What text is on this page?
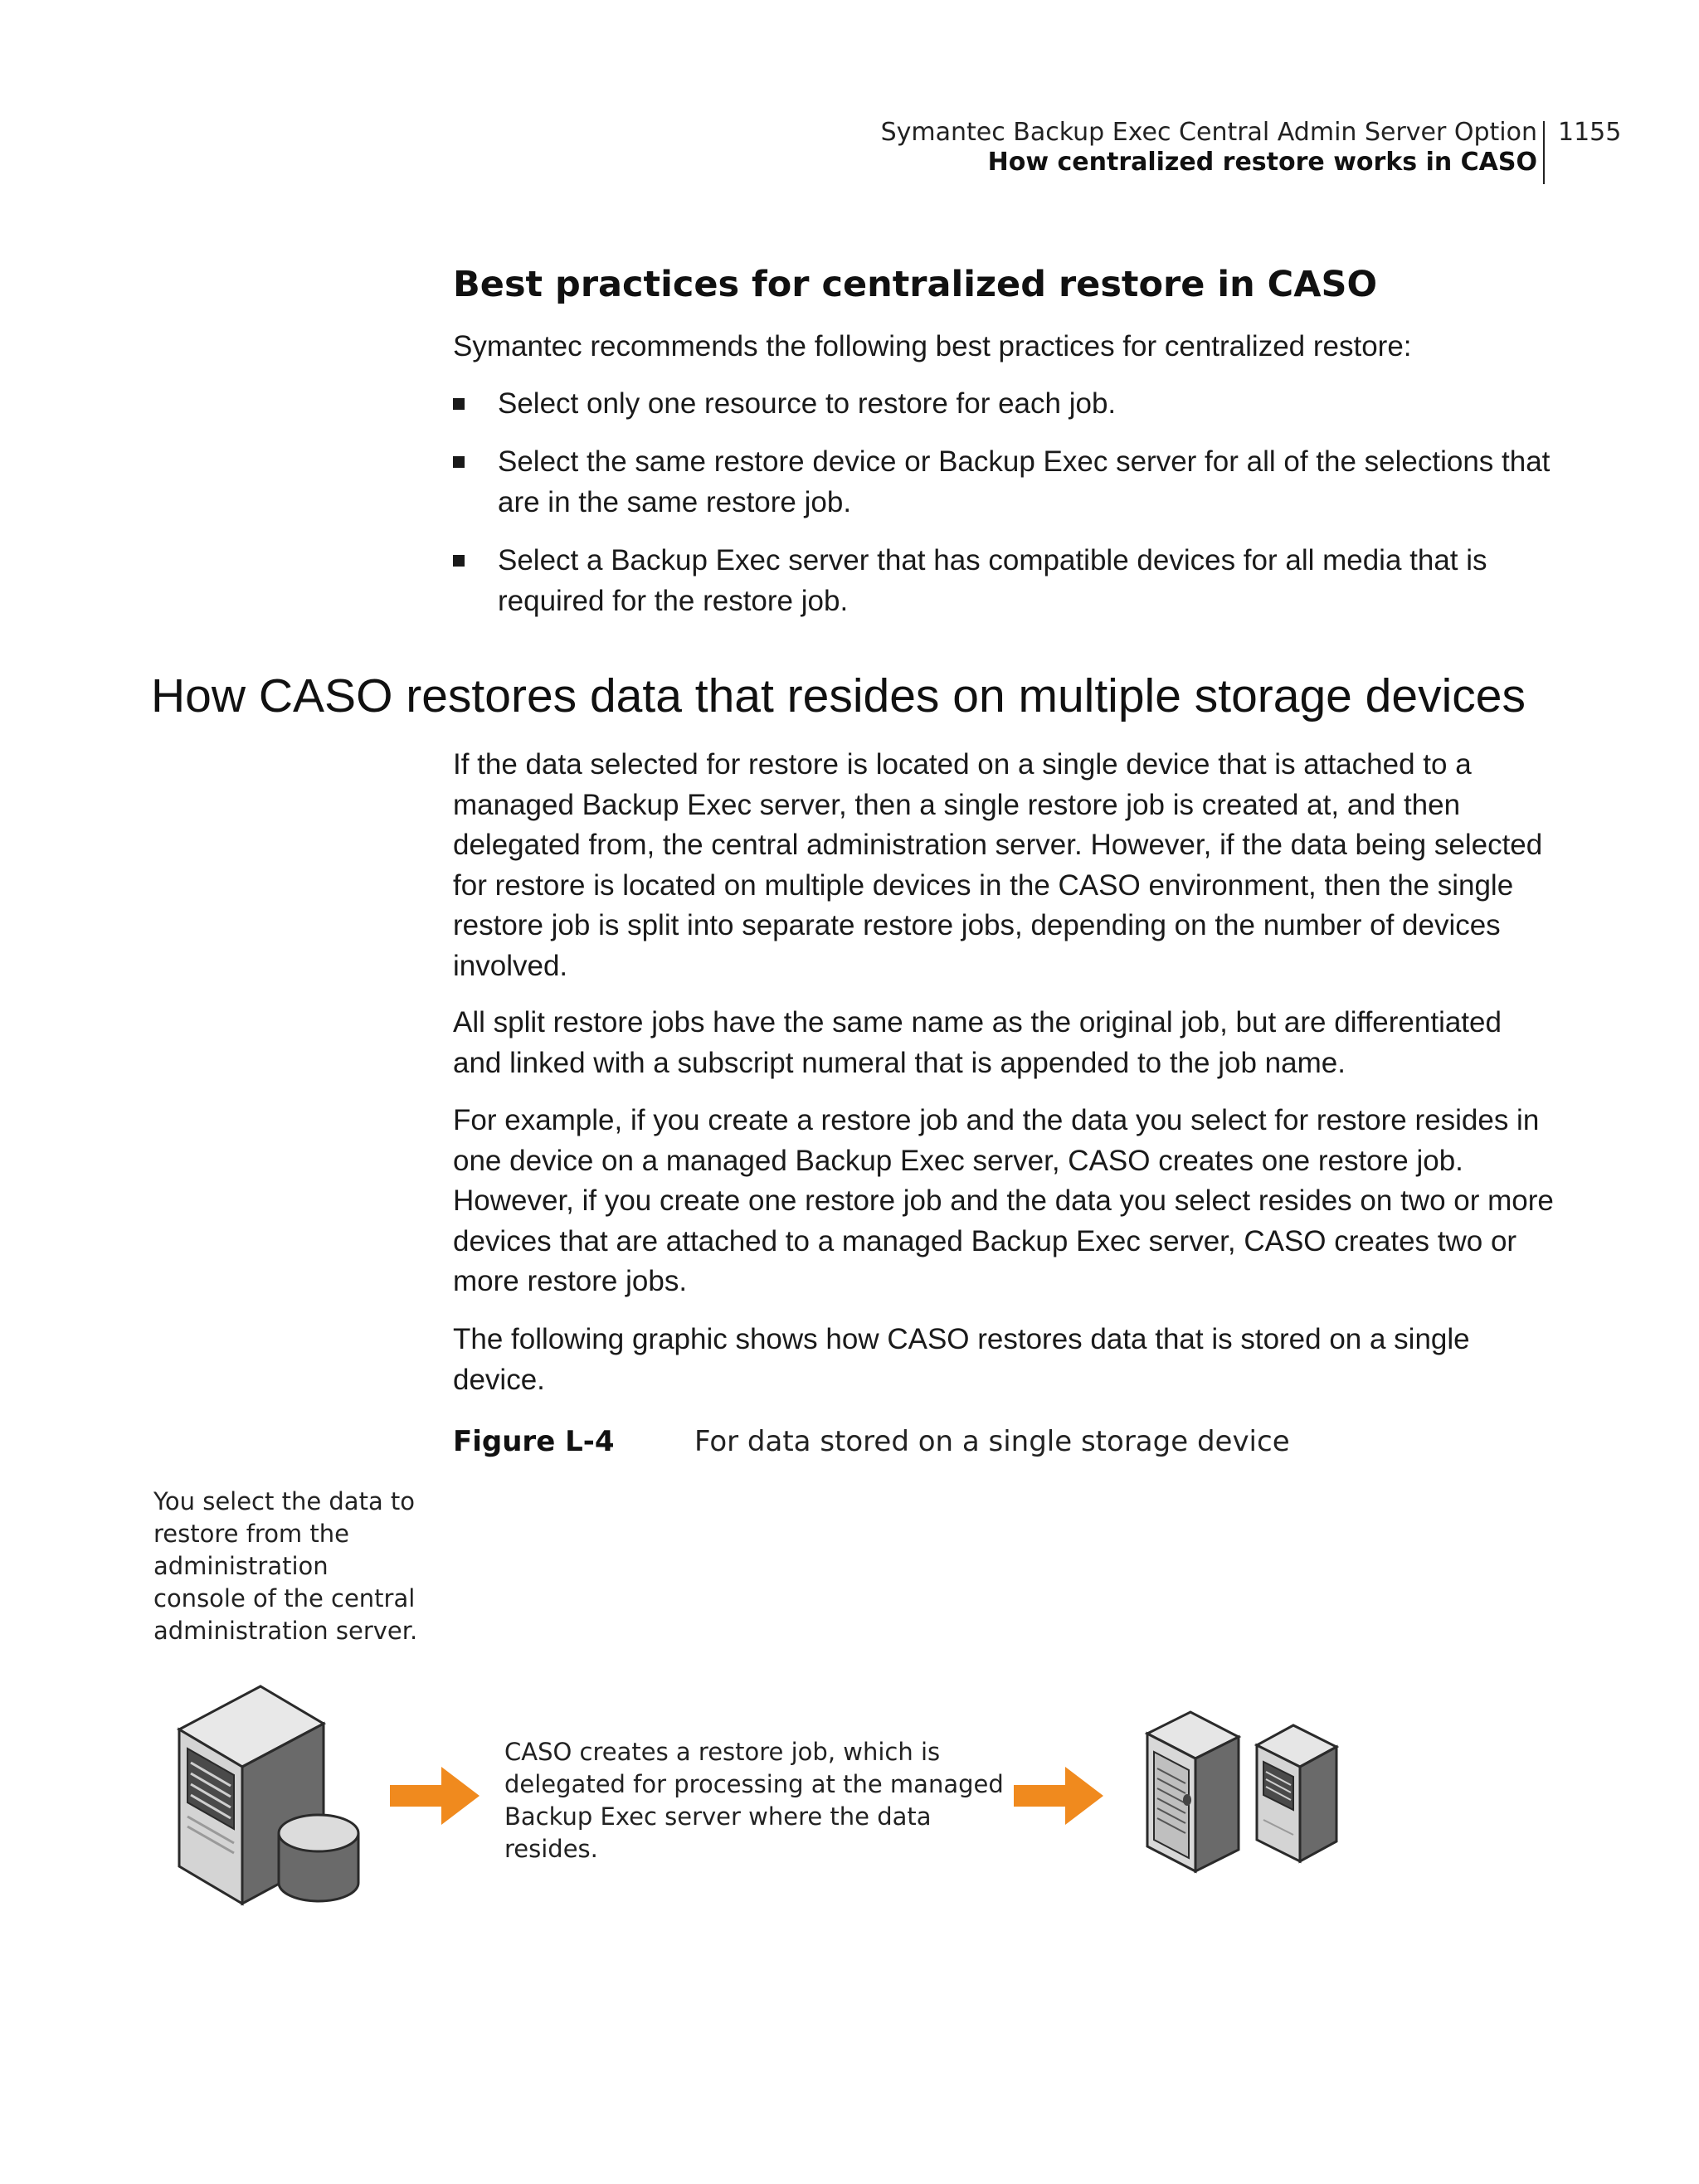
Symantec Backup Exec Central Admin Server Option
How centralized restore works in CASO
1155
Best practices for centralized restore in CASO
Symantec recommends the following best practices for centralized restore:
Select only one resource to restore for each job.
Select the same restore device or Backup Exec server for all of the selections that are in the same restore job.
Select a Backup Exec server that has compatible devices for all media that is required for the restore job.
How CASO restores data that resides on multiple storage devices
If the data selected for restore is located on a single device that is attached to a managed Backup Exec server, then a single restore job is created at, and then delegated from, the central administration server. However, if the data being selected for restore is located on multiple devices in the CASO environment, then the single restore job is split into separate restore jobs, depending on the number of devices involved.
All split restore jobs have the same name as the original job, but are differentiated and linked with a subscript numeral that is appended to the job name.
For example, if you create a restore job and the data you select for restore resides in one device on a managed Backup Exec server, CASO creates one restore job. However, if you create one restore job and the data you select resides on two or more devices that are attached to a managed Backup Exec server, CASO creates two or more restore jobs.
The following graphic shows how CASO restores data that is stored on a single device.
Figure L-4	For data stored on a single storage device
You select the data to restore from the administration console of the central administration server.
CASO creates a restore job, which is delegated for processing at the managed Backup Exec server where the data resides.
